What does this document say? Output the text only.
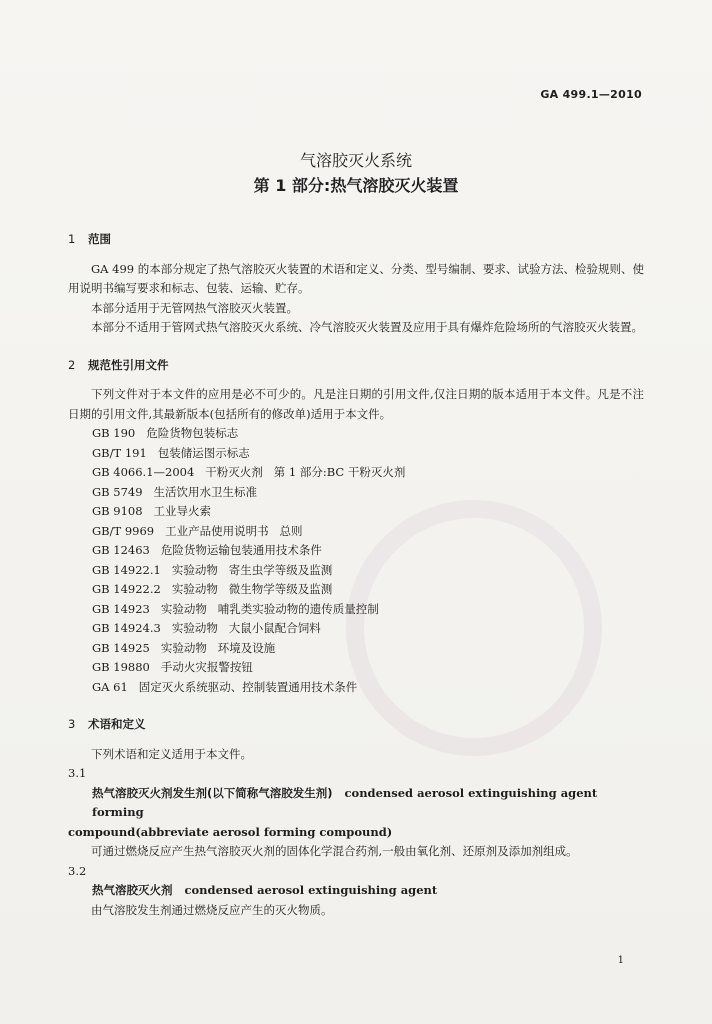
GA 499.1—2010
气溶胶灭火系统
第 1 部分:热气溶胶灭火装置
1 范围

GA 499 的本部分规定了热气溶胶灭火装置的术语和定义、分类、型号编制、要求、试验方法、检验规则、使用说明书编写要求和标志、包装、运输、贮存。

本部分适用于无管网热气溶胶灭火装置。

本部分不适用于管网式热气溶胶灭火系统、冷气溶胶灭火装置及应用于具有爆炸危险场所的气溶胶灭火装置。

2 规范性引用文件

下列文件对于本文件的应用是必不可少的。凡是注日期的引用文件,仅注日期的版本适用于本文件。凡是不注日期的引用文件,其最新版本(包括所有的修改单)适用于本文件。

GB 190   危险货物包装标志
GB/T 191   包装储运图示标志
GB 4066.1—2004   干粉灭火剂   第 1 部分:BC 干粉灭火剂
GB 5749   生活饮用水卫生标准
GB 9108   工业导火索
GB/T 9969   工业产品使用说明书   总则
GB 12463   危险货物运输包装通用技术条件
GB 14922.1   实验动物   寄生虫学等级及监测
GB 14922.2   实验动物   微生物学等级及监测
GB 14923   实验动物   哺乳类实验动物的遗传质量控制
GB 14924.3   实验动物   大鼠小鼠配合饲料
GB 14925   实验动物   环境及设施
GB 19880   手动火灾报警按钮
GA 61   固定灭火系统驱动、控制装置通用技术条件
3 术语和定义

下列术语和定义适用于本文件。

3.1
热气溶胶灭火剂发生剂(以下简称气溶胶发生剂) condensed aerosol extinguishing agent forming
compound(abbreviate aerosol forming compound)

可通过燃烧反应产生热气溶胶灭火剂的固体化学混合药剂,一般由氧化剂、还原剂及添加剂组成。

3.2
热气溶胶灭火剂 condensed aerosol extinguishing agent

由气溶胶发生剂通过燃烧反应产生的灭火物质。

1
